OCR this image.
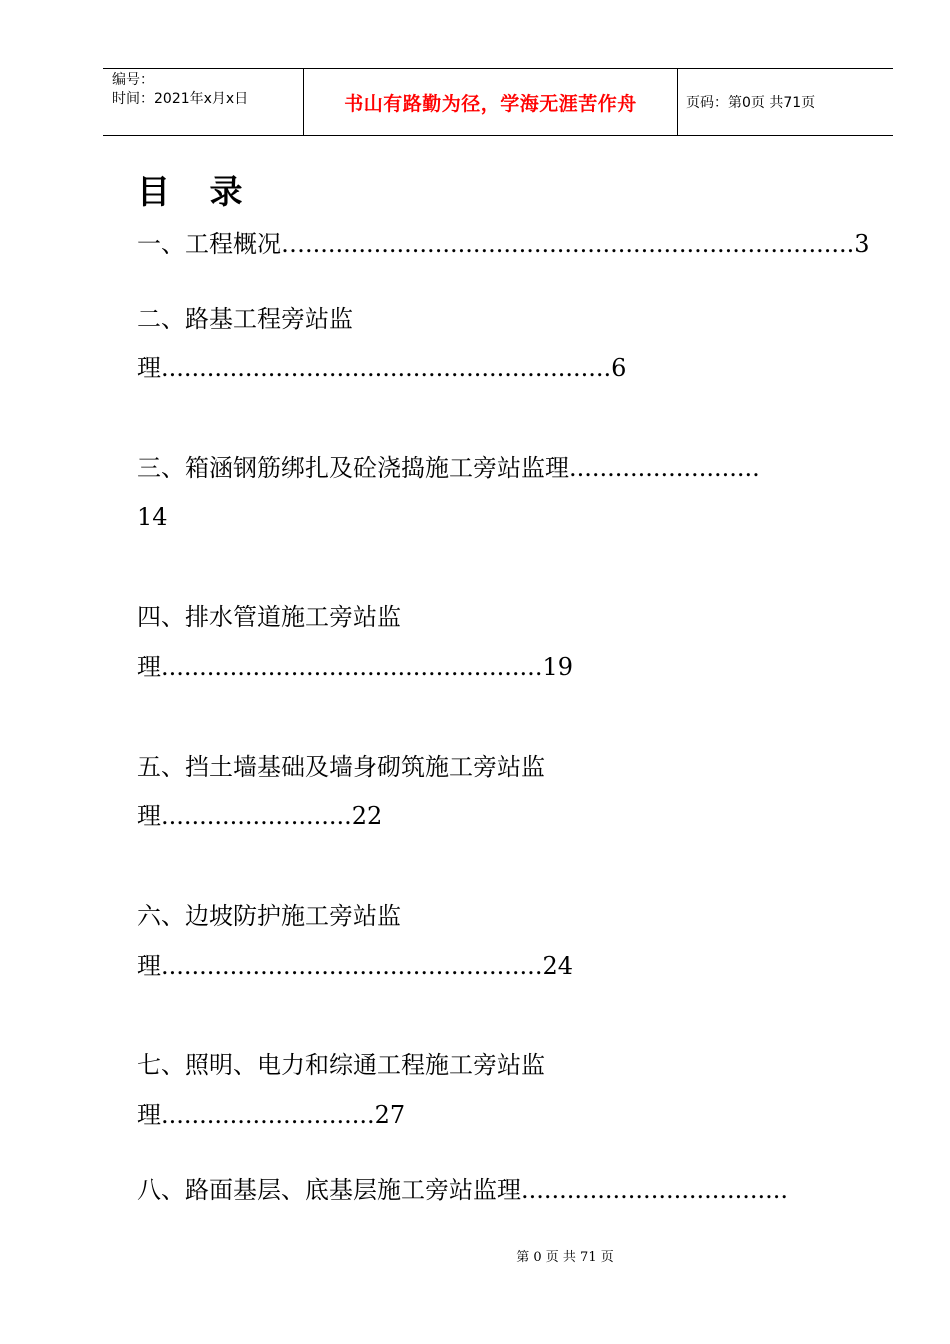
编号：
时间：2021年x月x日	书山有路勤为径，学海无涯苦作舟	页码：第0页 共71页
目 录
一、工程概况…........................................................................3
二、路基工程旁站监
理...........................................................6
三、箱涵钢筋绑扎及砼浇捣施工旁站监理.........................
14
四、排水管道施工旁站监
理..................................................19
五、挡土墙基础及墙身砌筑施工旁站监
理.........................22
六、边坡防护施工旁站监
理..................................................24
七、照明、电力和综通工程施工旁站监
理............................27
八、路面基层、底基层施工旁站监理...................................
第 0 页 共 71 页
